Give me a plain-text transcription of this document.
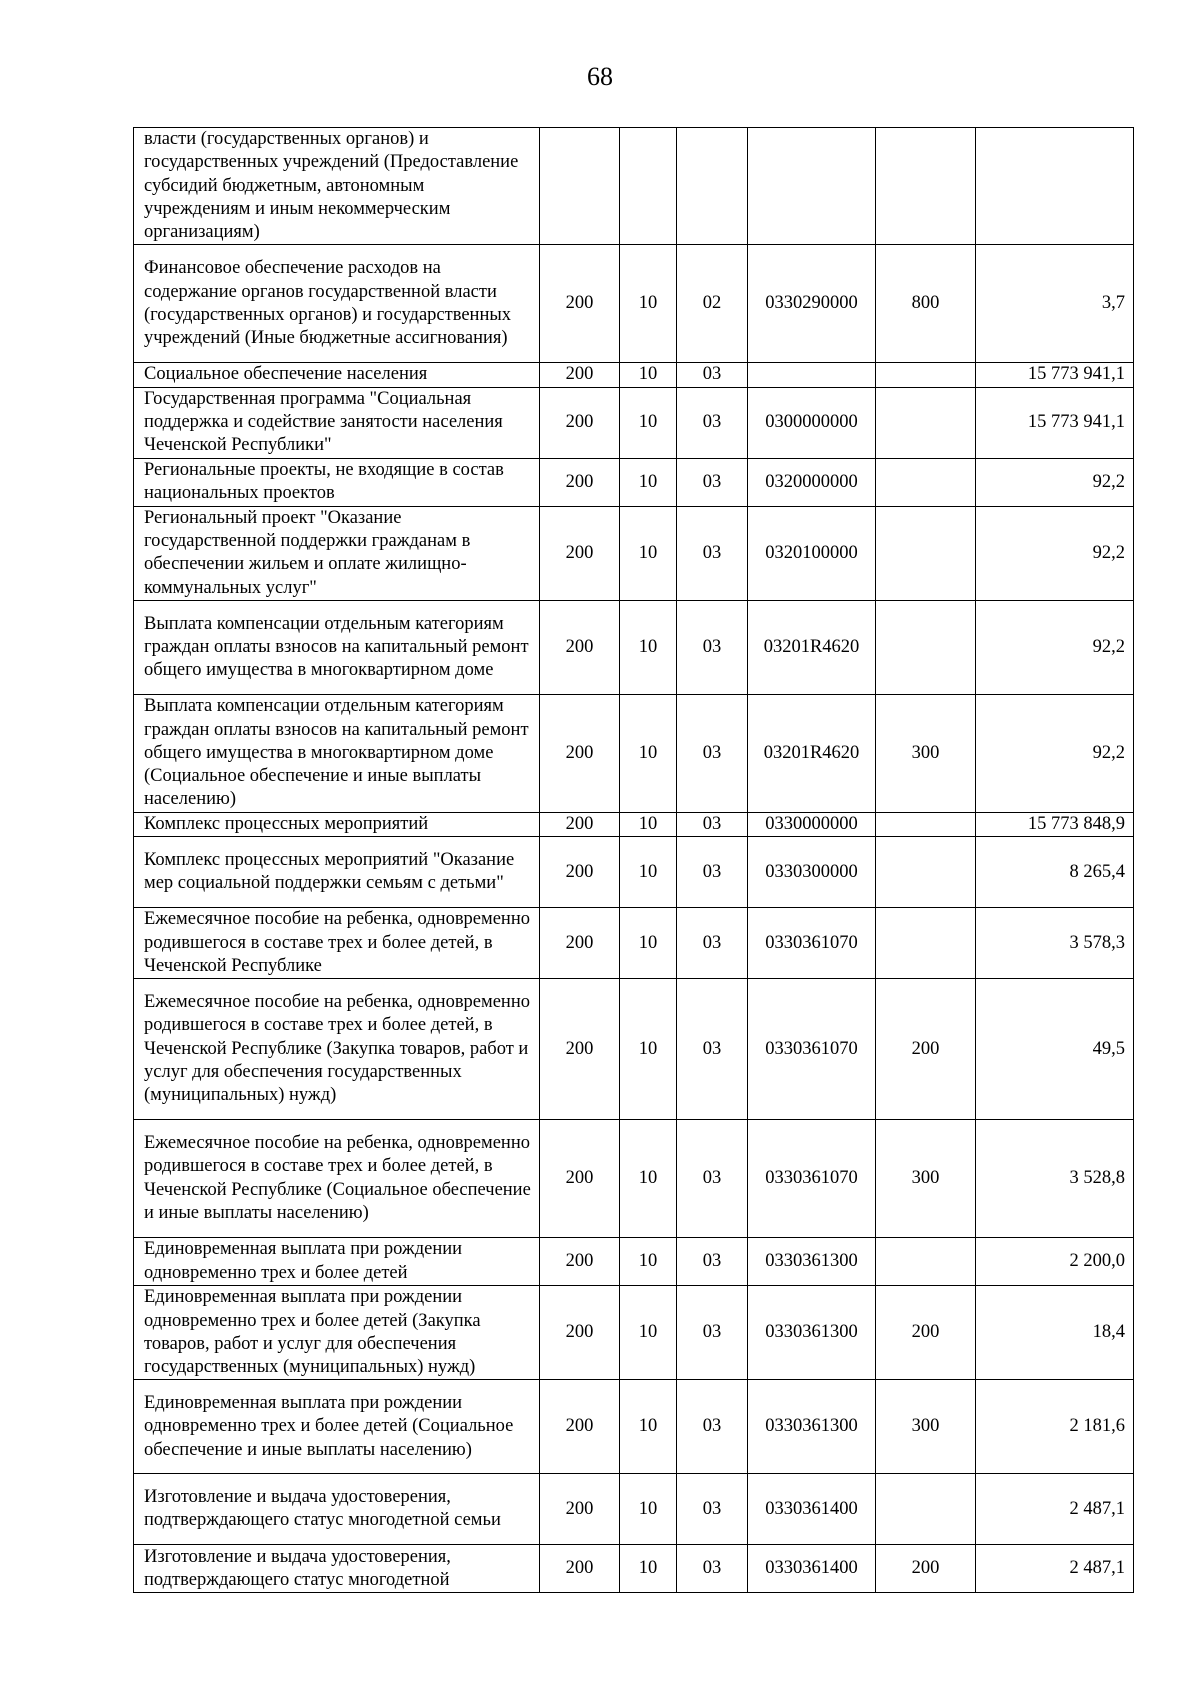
68
власти (государственных органов) и государственных учреждений (Предоставление субсидий бюджетным, автономным учреждениям и иным некоммерческим организациям)						
Финансовое обеспечение расходов на содержание органов государственной власти (государственных органов) и государственных учреждений (Иные бюджетные ассигнования)	200	10	02	0330290000	800	3,7
Социальное обеспечение населения	200	10	03			15 773 941,1
Государственная программа "Социальная поддержка и содействие занятости населения Чеченской Республики"	200	10	03	0300000000		15 773 941,1
Региональные проекты, не входящие в состав национальных проектов	200	10	03	0320000000		92,2
Региональный проект "Оказание государственной поддержки гражданам в обеспечении жильем и оплате жилищно-коммунальных услуг"	200	10	03	0320100000		92,2
Выплата компенсации отдельным категориям граждан оплаты взносов на капитальный ремонт общего имущества в многоквартирном доме	200	10	03	03201R4620		92,2
Выплата компенсации отдельным категориям граждан оплаты взносов на капитальный ремонт общего имущества в многоквартирном доме (Социальное обеспечение и иные выплаты населению)	200	10	03	03201R4620	300	92,2
Комплекс процессных мероприятий	200	10	03	0330000000		15 773 848,9
Комплекс процессных мероприятий "Оказание мер социальной поддержки семьям с детьми"	200	10	03	0330300000		8 265,4
Ежемесячное пособие на ребенка, одновременно родившегося в составе трех и более детей, в Чеченской Республике	200	10	03	0330361070		3 578,3
Ежемесячное пособие на ребенка, одновременно родившегося в составе трех и более детей, в Чеченской Республике (Закупка товаров, работ и услуг для обеспечения государственных (муниципальных) нужд)	200	10	03	0330361070	200	49,5
Ежемесячное пособие на ребенка, одновременно родившегося в составе трех и более детей, в Чеченской Республике (Социальное обеспечение и иные выплаты населению)	200	10	03	0330361070	300	3 528,8
Единовременная выплата при рождении одновременно трех и более детей	200	10	03	0330361300		2 200,0
Единовременная выплата при рождении одновременно трех и более детей (Закупка товаров, работ и услуг для обеспечения государственных (муниципальных) нужд)	200	10	03	0330361300	200	18,4
Единовременная выплата при рождении одновременно трех и более детей (Социальное обеспечение и иные выплаты населению)	200	10	03	0330361300	300	2 181,6
Изготовление и выдача удостоверения, подтверждающего статус многодетной семьи	200	10	03	0330361400		2 487,1
Изготовление и выдача удостоверения, подтверждающего статус многодетной	200	10	03	0330361400	200	2 487,1
